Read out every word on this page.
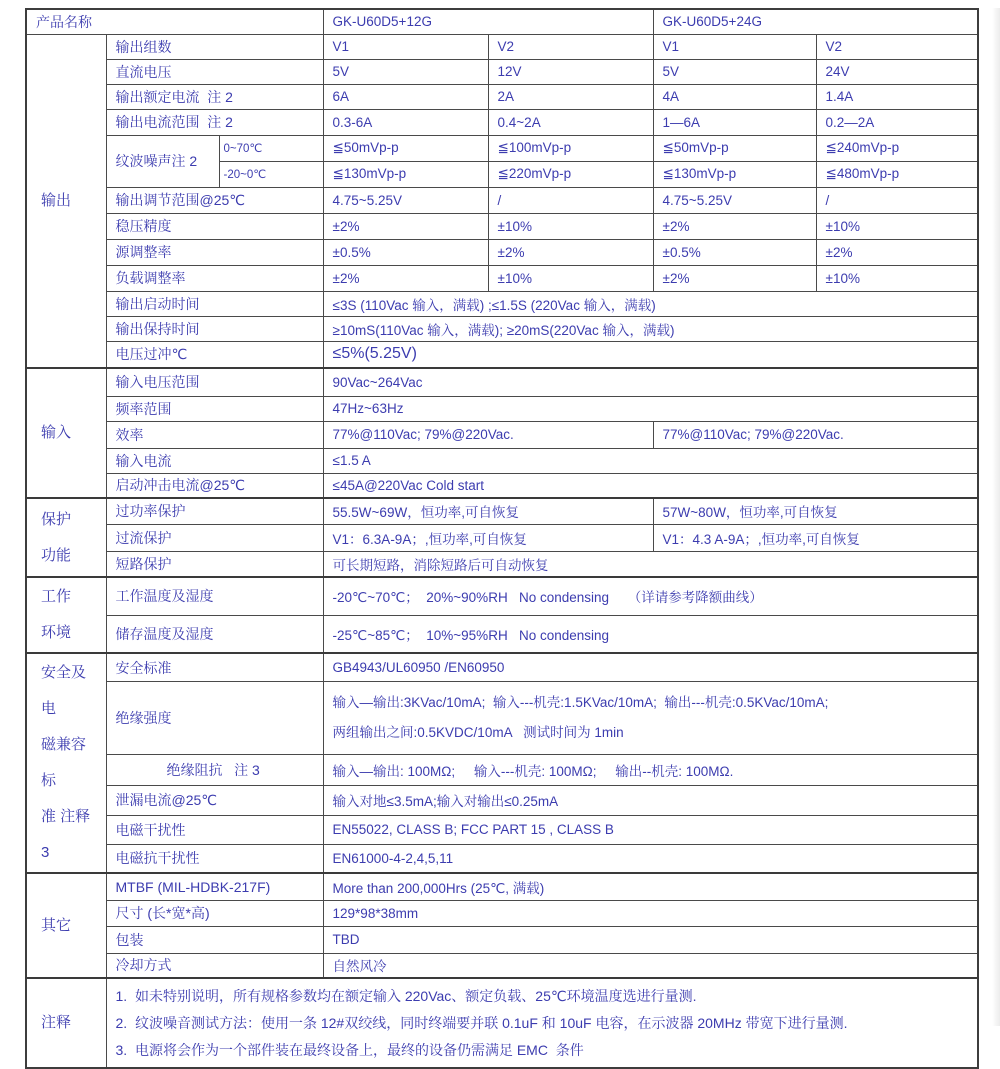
产品名称			GK-U60D5+12G		GK-U60D5+24G	
输出	输出组数		V1	V2	V1	V2
	直流电压		5V	12V	5V	24V
	输出额定电流  注 2		6A	2A	4A	1.4A
	输出电流范围  注 2		0.3-6A	0.4~2A	1—6A	0.2—2A
	纹波噪声注 2	0~70℃	≦50mVp-p	≦100mVp-p	≦50mVp-p	≦240mVp-p
		-20~0℃	≦130mVp-p	≦220mVp-p	≦130mVp-p	≦480mVp-p
	输出调节范围@25℃		4.75~5.25V	/	4.75~5.25V	/
	稳压精度		±2%	±10%	±2%	±10%
	源调整率		±0.5%	±2%	±0.5%	±2%
	负载调整率		±2%	±10%	±2%	±10%
	输出启动时间		≤3S (110Vac 输入，满载) ;≤1.5S (220Vac 输入，满载)			
	输出保持时间		≥10mS(110Vac 输入，满载); ≥20mS(220Vac 输入，满载)			
	电压过冲℃		≤5%(5.25V)			
输入	输入电压范围		90Vac~264Vac			
	频率范围		47Hz~63Hz			
	效率		77%@110Vac; 79%@220Vac.		77%@110Vac; 79%@220Vac.	
	输入电流		≤1.5 A			
	启动冲击电流@25℃		≤45A@220Vac Cold start			

保护
功能	过功率保护		55.5W~69W，恒功率,可自恢复		57W~80W，恒功率,可自恢复	
	过流保护		V1：6.3A-9A；,恒功率,可自恢复		V1：4.3 A-9A；,恒功率,可自恢复	
	短路保护		可长期短路，消除短路后可自动恢复			

工作
环境	工作温度及湿度		-20℃~70℃；  20%~90%RH   No condensing     （详请参考降额曲线）			
	储存温度及湿度		-25℃~85℃；  10%~95%RH   No condensing			

安全及电
磁兼容标
准 注释 3	安全标准		GB4943/UL60950 /EN60950			
	绝缘强度		输入—输出:3KVac/10mA;  输入---机壳:1.5KVac/10mA;  输出---机壳:0.5KVac/10mA;
两组输出之间:0.5KVDC/10mA   测试时间为 1min			

	绝缘阻抗   注 3		输入—输出: 100MΩ;     输入---机壳: 100MΩ;     输出--机壳: 100MΩ.			
	泄漏电流@25℃		输入对地≤3.5mA;输入对输出≤0.25mA			
	电磁干扰性		EN55022, CLASS B; FCC PART 15 , CLASS B			
	电磁抗干扰性		EN61000-4-2,4,5,11			
其它	MTBF (MIL-HDBK-217F)		More than 200,000Hrs (25℃, 满载)			
	尺寸 (长*宽*高)		129*98*38mm			
	包装		TBD			
	冷却方式		自然风冷			
注释	1.  如未特别说明，所有规格参数均在额定输入 220Vac、额定负载、25℃环境温度选进行量测.
2.  纹波噪音测试方法：使用一条 12#双绞线，同时终端要并联 0.1uF 和 10uF 电容，在示波器 20MHz 带宽下进行量测.
3.  电源将会作为一个部件装在最终设备上，最终的设备仍需满足 EMC  条件					
